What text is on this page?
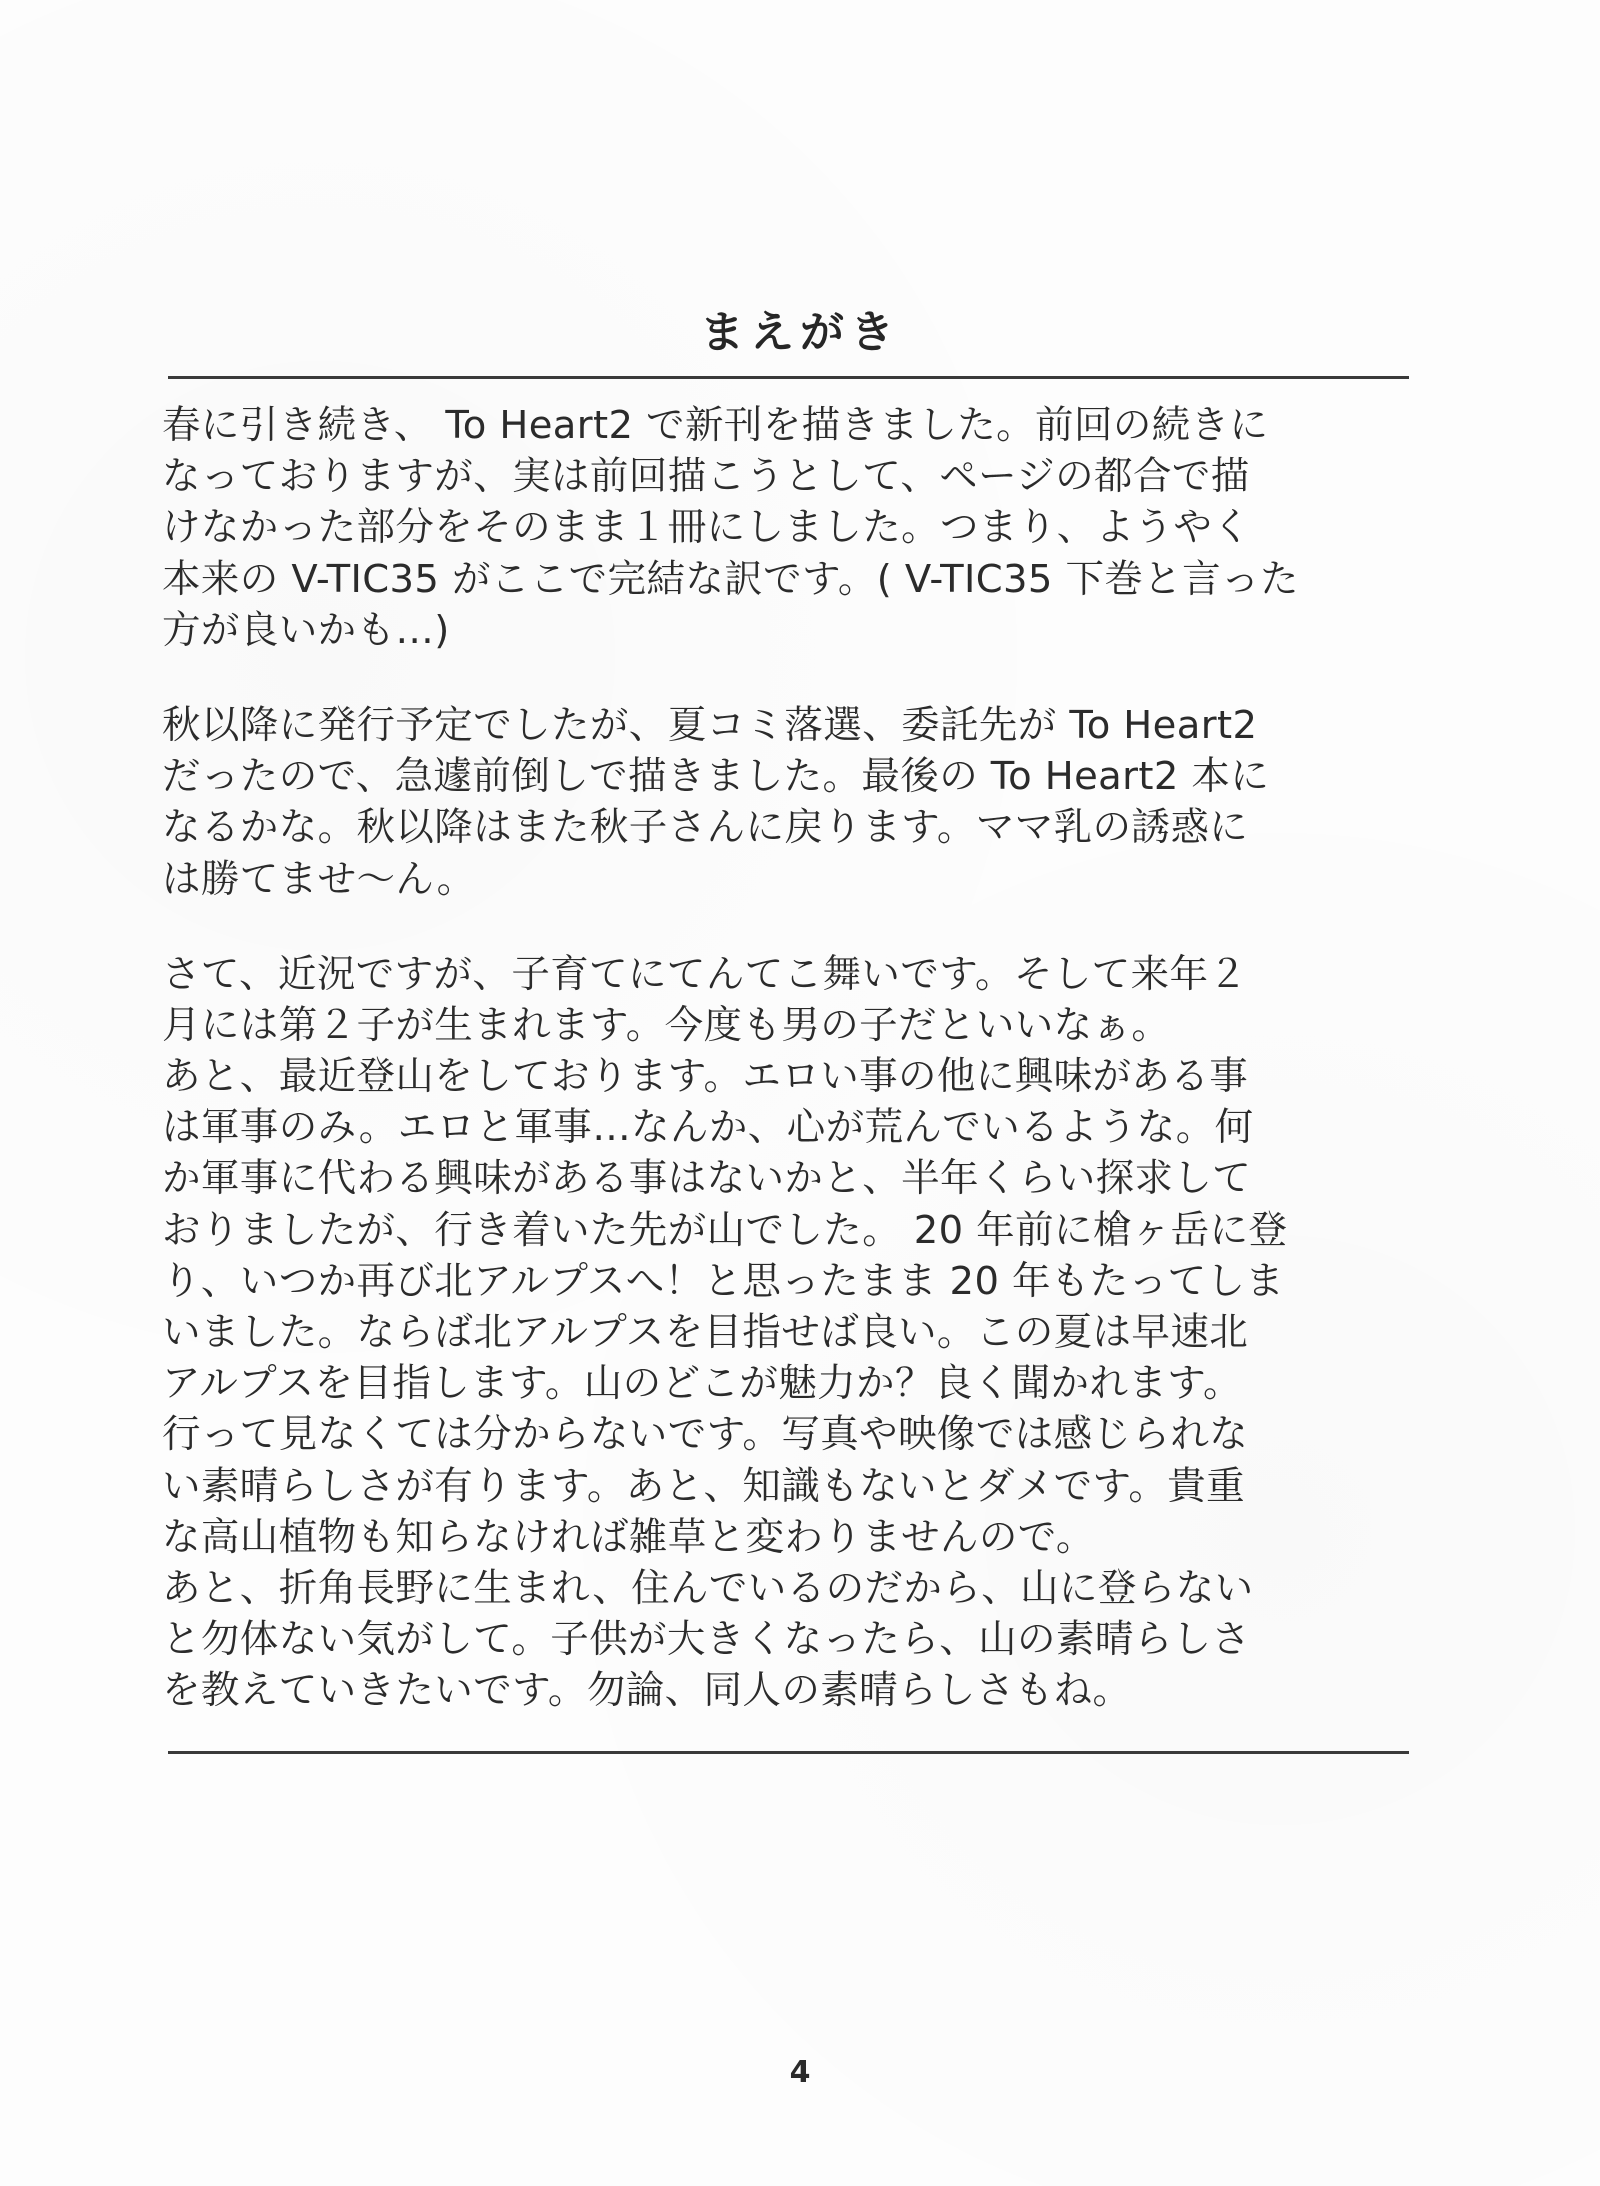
まえがき
春に引き続き、 To Heart2 で新刊を描きました。前回の続きに
なっておりますが、実は前回描こうとして、ページの都合で描
けなかった部分をそのまま１冊にしました。つまり、ようやく
本来の V-TIC35 がここで完結な訳です。( V-TIC35 下巻と言った
方が良いかも…)
秋以降に発行予定でしたが、夏コミ落選、委託先が To Heart2
だったので、急遽前倒しで描きました。最後の To Heart2 本に
なるかな。秋以降はまた秋子さんに戻ります。ママ乳の誘惑に
は勝てませ〜ん。
さて、近況ですが、子育てにてんてこ舞いです。そして来年２
月には第２子が生まれます。今度も男の子だといいなぁ。
あと、最近登山をしております。エロい事の他に興味がある事
は軍事のみ。エロと軍事…なんか、心が荒んでいるような。何
か軍事に代わる興味がある事はないかと、半年くらい探求して
おりましたが、行き着いた先が山でした。 20 年前に槍ヶ岳に登
り、いつか再び北アルプスへ！と思ったまま 20 年もたってしま
いました。ならば北アルプスを目指せば良い。この夏は早速北
アルプスを目指します。山のどこが魅力か？良く聞かれます。
行って見なくては分からないです。写真や映像では感じられな
い素晴らしさが有ります。あと、知識もないとダメです。貴重
な高山植物も知らなければ雑草と変わりませんので。
あと、折角長野に生まれ、住んでいるのだから、山に登らない
と勿体ない気がして。子供が大きくなったら、山の素晴らしさ
を教えていきたいです。勿論、同人の素晴らしさもね。
4
